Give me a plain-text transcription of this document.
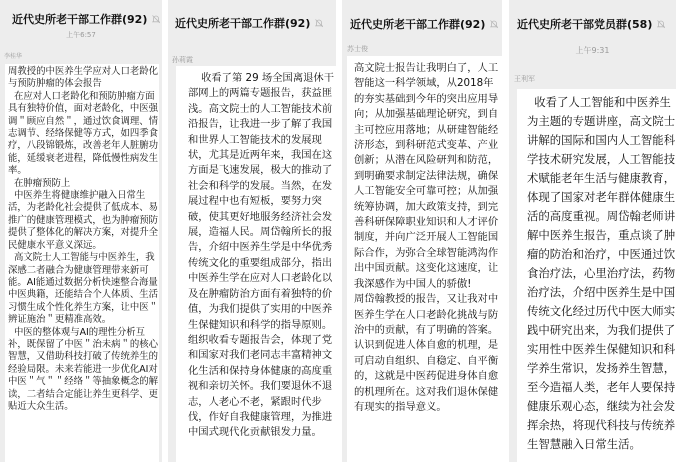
近代史所老干部工作群(92)
上午6:57
李桂华
周教授的中医养生学应对人口老龄化与预防肿瘤的体会报告
在应对人口老龄化和预防肿瘤方面具有独特价值，面对老龄化，中医强调＂顾应自然＂，通过饮食调理、情志调节、经络保健等方式，如四季食疗，八段锦锻炼，改善老年人脏腑功能，延缓衰老进程，降低慢性病发生率。
在肿瘤预防上
中医养生将健康维护融入日常生活，为老龄化社会提供了低成本、易推广的健康管理模式，也为肿瘤预防提供了整体化的解决方案，对提升全民健康水平意义深远。
高文院士人工智能与中医养生，我深感二者融合为健康管理带来新可能。AI能通过数据分析快速整合海量中医典籍，还能结合个人体质、生活习惯生成个性化养生方案，让中医＂辨证施治＂更精准高效。
中医的整体观与AI的理性分析互补，既保留了中医＂治未病＂的核心智慧，又借助科技打破了传统养生的经验局限。未来若能进一步优化AI对中医＂气＂＂经络＂等抽象概念的解读，二者结合定能让养生更科学、更贴近大众生活。
近代史所老干部工作群(92)
孙莉霞
收看了第 29 场全国离退休干部网上的两篇专题报告，获益匪浅。高文院士的人工智能技术前沿报告，让我进一步了解了我国和世界人工智能技术的发展现状，尤其是近两年来，我国在这方面是飞速发展，极大的推动了社会和科学的发展。当然，在发展过程中也有短板，要努力突破，使其更好地服务经济社会发展，造福人民。周岱翰所长的报告，介绍中医养生学是中华优秀传统文化的重要组成部分，指出中医养生学在应对人口老龄化以及在肿瘤防治方面有着独特的价值，为我们提供了实用的中医养生保健知识和科学的指导原则。组织收看专题报告会，体现了党和国家对我们老同志丰富精神文化生活和保持身体健康的高度重视和亲切关怀。我们要退休不退志，人老心不老，紧跟时代步伐，作好自我健康管理，为推进中国式现代化贡献银发力量。
近代史所老干部工作群(92)
苏士俊
高文院士报告让我明白了，人工智能这一科学领域，从2018年的夯实基础到今年的突出应用导向；从加强基础理论研究，到自主可控应用落地；从研建智能经济形态，到科研范式变革、产业创新；从潜在风险研判和防范，到明确要求制定法律法规，确保人工智能安全可靠可控；从加强统筹协调，加大政策支持，到完善科研保障职业知识和人才评价制度，并向广泛开展人工智能国际合作，为弥合全球智能鸿沟作出中国贡献。这变化这速度，让我深感作为中国人的骄傲!
周岱翰教授的报告，又让我对中医养生学在人口老龄化挑战与防治中的贡献，有了明确的答案。认识到促进人体自愈的机理，是可启动自组织、自稳定、自平衡的，这就是中医药促进身体自愈的机理所在。这对我们退休保健有现实的指导意义。
近代史所老干部党员群(58)
上午9:31
王利军
收看了人工智能和中医养生为主题的专题讲座，高文院士讲解的国际和国内人工智能科学技术研究发展，人工智能技术赋能老年生活与健康教育，体现了国家对老年群体健康生活的高度重视。周岱翰老师讲解中医养生报告，重点谈了肿瘤的防治和治疗，中医通过饮食治疗法，心里治疗法，药物治疗法，介绍中医养生是中国传统文化经过历代中医大师实践中研究出来，为我们提供了实用性中医养生保健知识和科学养生常识，发扬养生智慧，至今造福人类，老年人要保持健康乐观心态，继续为社会发挥余热，将现代科技与传统养生智慧融入日常生活。
